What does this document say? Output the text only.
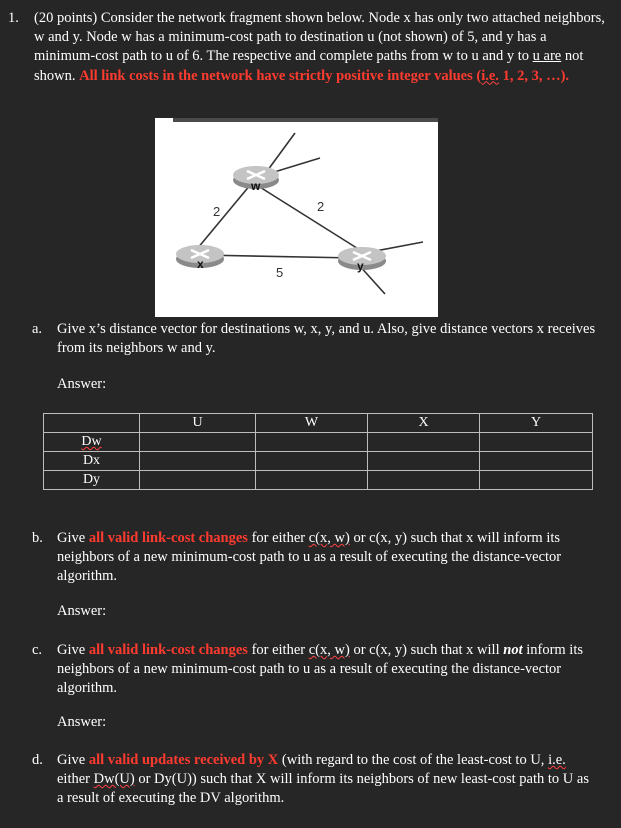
1. (20 points) Consider the network fragment shown below. Node x has only two attached neighbors, w and y. Node w has a minimum-cost path to destination u (not shown) of 5, and y has a minimum-cost path to u of 6. The respective and complete paths from w to u and y to u are not shown. All link costs in the network have strictly positive integer values (i.e. 1, 2, 3, …).
2	2
5
w
x	y
a. Give x’s distance vector for destinations w, x, y, and u. Also, give distance vectors x receives from its neighbors w and y.
Answer:
	U	W	X	Y
Dw				
Dx				
Dy				
b. Give all valid link-cost changes for either c(x, w) or c(x, y) such that x will inform its neighbors of a new minimum-cost path to u as a result of executing the distance-vector algorithm.
Answer:
c. Give all valid link-cost changes for either c(x, w) or c(x, y) such that x will not inform its neighbors of a new minimum-cost path to u as a result of executing the distance-vector algorithm.
Answer:
d. Give all valid updates received by X (with regard to the cost of the least-cost to U, i.e. either Dw(U) or Dy(U)) such that X will inform its neighbors of new least-cost path to U as a result of executing the DV algorithm.
